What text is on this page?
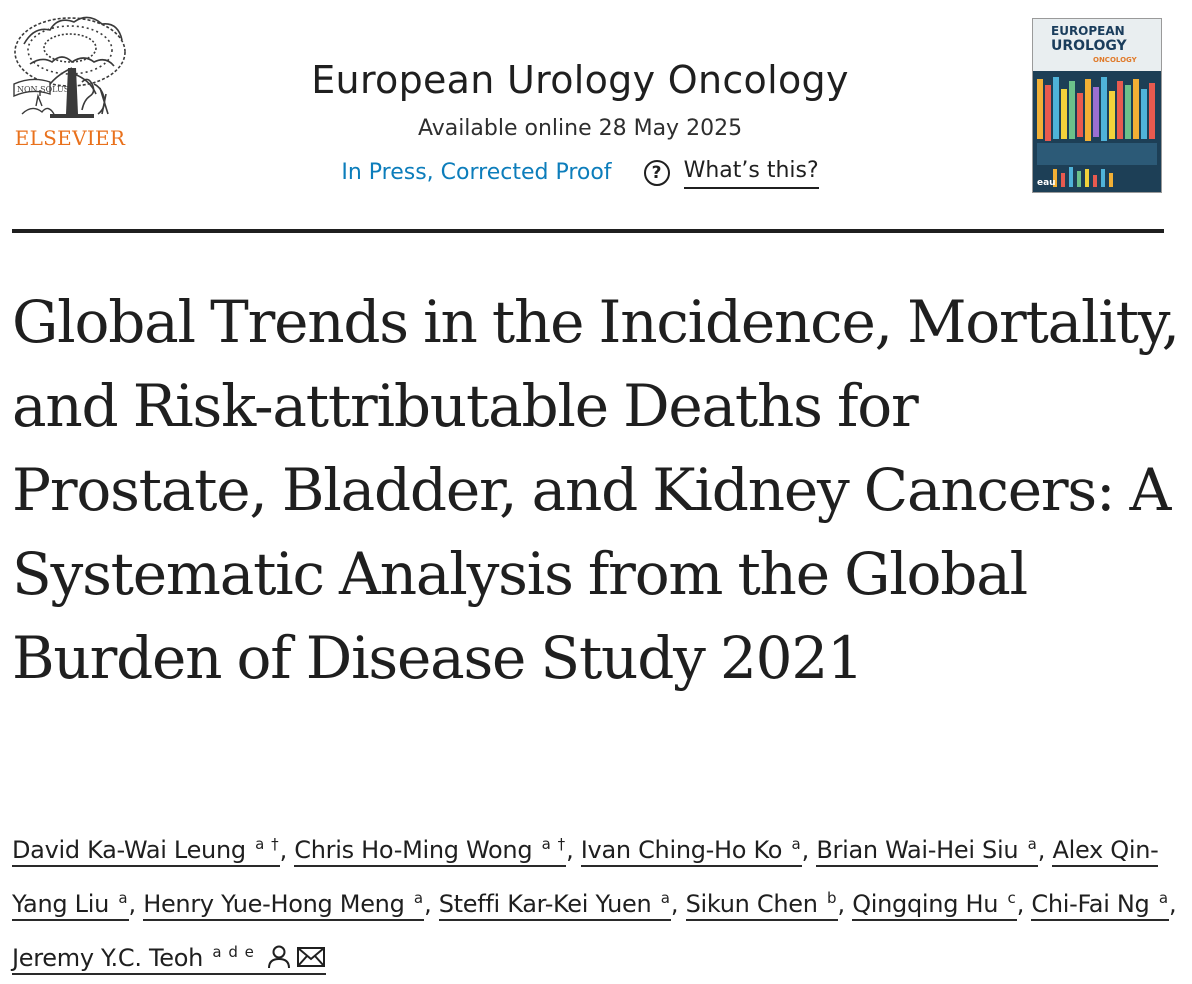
NON SOLUS
ELSEVIER
European Urology Oncology
Available online 28 May 2025
In Press, Corrected Proof	?	What’s this?
EUROPEAN
UROLOGY
ONCOLOGY
eau
Global Trends in the Incidence, Mortality, and Risk-attributable Deaths for Prostate, Bladder, and Kidney Cancers: A Systematic Analysis from the Global Burden of Disease Study 2021
David Ka-Wai Leung $^{a \dagger}$, Chris Ho-Ming Wong $^{a \dagger}$, Ivan Ching-Ho Ko $^a$, Brian Wai-Hei Siu $^a$, Alex Qin-Yang Liu $^a$, Henry Yue-Hong Meng $^a$, Steffi Kar-Kei Yuen $^a$, Sikun Chen $^b$, Qingqing Hu $^c$, Chi-Fai Ng $^a$, Jeremy Y.C. Teoh $^{a d e}$
